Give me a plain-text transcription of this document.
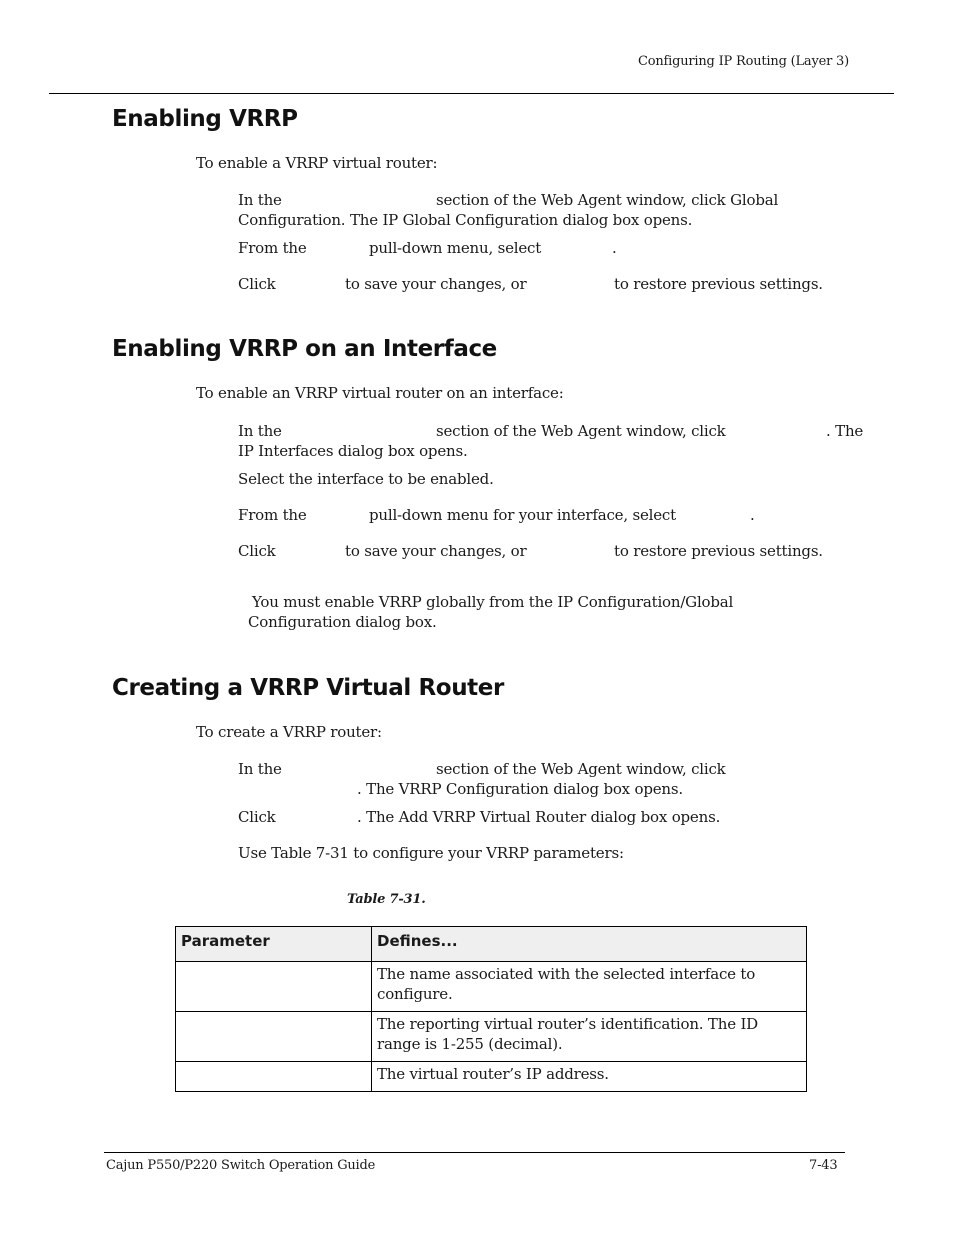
Configuring IP Routing (Layer 3)
Enabling VRRP
To enable a VRRP virtual router:
In the	section of the Web Agent window, click Global
Configuration. The IP Global Configuration dialog box opens.
From the	pull-down menu, select	.
Click	to save your changes, or	to restore previous settings.
Enabling VRRP on an Interface
To enable an VRRP virtual router on an interface:
In the	section of the Web Agent window, click	. The
IP Interfaces dialog box opens.
Select the interface to be enabled.
From the	pull-down menu for your interface, select	.
Click	to save your changes, or	to restore previous settings.
You must enable VRRP globally from the IP Configuration/Global
Configuration dialog box.
Creating a VRRP Virtual Router
To create a VRRP router:
In the	section of the Web Agent window, click
. The VRRP Configuration dialog box opens.
Click	. The Add VRRP Virtual Router dialog box opens.
Use Table 7-31 to configure your VRRP parameters:
Table 7-31.
Parameter	Defines...

	The name associated with the selected interface to
configure.

	The reporting virtual router’s identification. The ID
range is 1-255 (decimal).

	The virtual router’s IP address.
Cajun P550/P220 Switch Operation Guide	7-43
